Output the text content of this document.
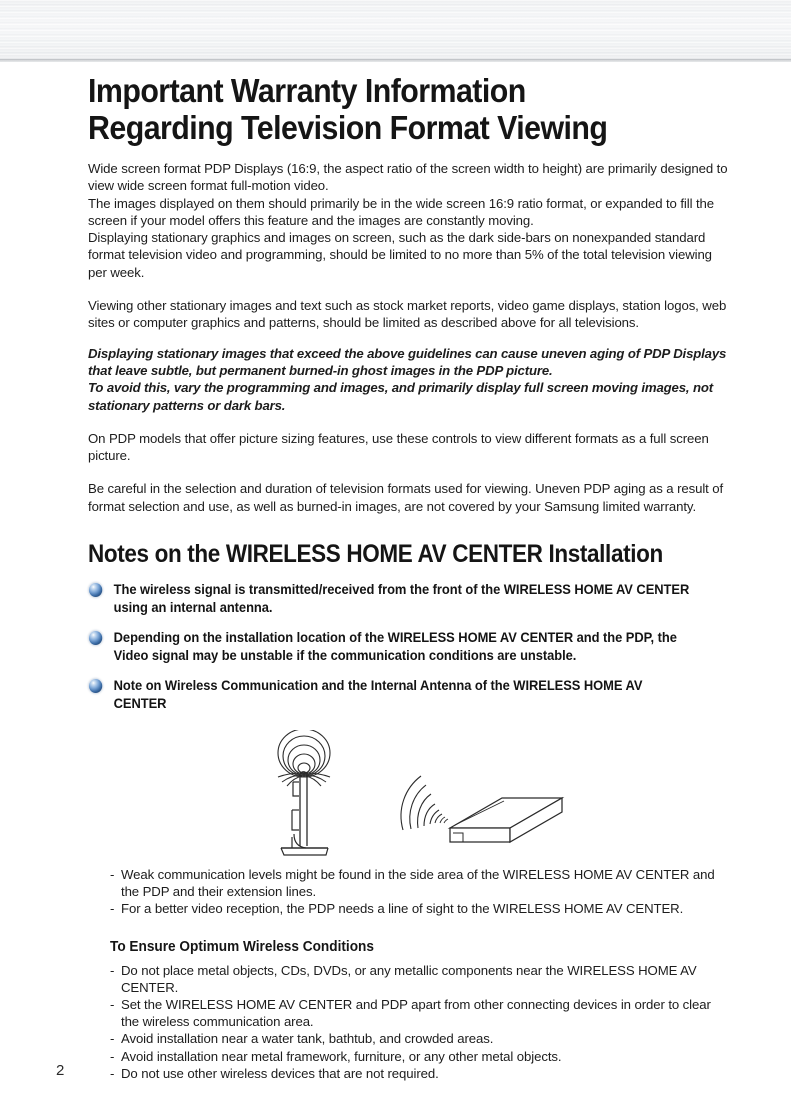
Important Warranty Information
Regarding Television Format Viewing

Wide screen format PDP Displays (16:9, the aspect ratio of the screen width to height) are primarily designed to view wide screen format full-motion video.
The images displayed on them should primarily be in the wide screen 16:9 ratio format, or expanded to fill the screen if your model offers this feature and the images are constantly moving.
Displaying stationary graphics and images on screen, such as the dark side-bars on nonexpanded standard format television video and programming, should be limited to no more than 5% of the total television viewing per week.

Viewing other stationary images and text such as stock market reports, video game displays, station logos, web sites or computer graphics and patterns, should be limited as described above for all televisions.

Displaying stationary images that exceed the above guidelines can cause uneven aging of PDP Displays that leave subtle, but permanent burned-in ghost images in the PDP picture.
To avoid this, vary the programming and images, and primarily display full screen moving images, not stationary patterns or dark bars.

On PDP models that offer picture sizing features, use these controls to view different formats as a full screen picture.

Be careful in the selection and duration of television formats used for viewing. Uneven PDP aging as a result of format selection and use, as well as burned-in images, are not covered by your Samsung limited warranty.

Notes on the WIRELESS HOME AV CENTER Installation
The wireless signal is transmitted/received from the front of the WIRELESS HOME AV CENTER using an internal antenna.
Depending on the installation location of the WIRELESS HOME AV CENTER and the PDP, the Video signal may be unstable if the communication conditions are unstable.
Note on Wireless Communication and the Internal Antenna of the WIRELESS HOME AV CENTER
- Weak communication levels might be found in the side area of the WIRELESS HOME AV CENTER and the PDP and their extension lines.
- For a better video reception, the PDP needs a line of sight to the WIRELESS HOME AV CENTER.
To Ensure Optimum Wireless Conditions
- Do not place metal objects, CDs, DVDs, or any metallic components near the WIRELESS HOME AV CENTER.
- Set the WIRELESS HOME AV CENTER and PDP apart from other connecting devices in order to clear the wireless communication area.
- Avoid installation near a water tank, bathtub, and crowded areas.
- Avoid installation near metal framework, furniture, or any other metal objects.
- Do not use other wireless devices that are not required.
2
